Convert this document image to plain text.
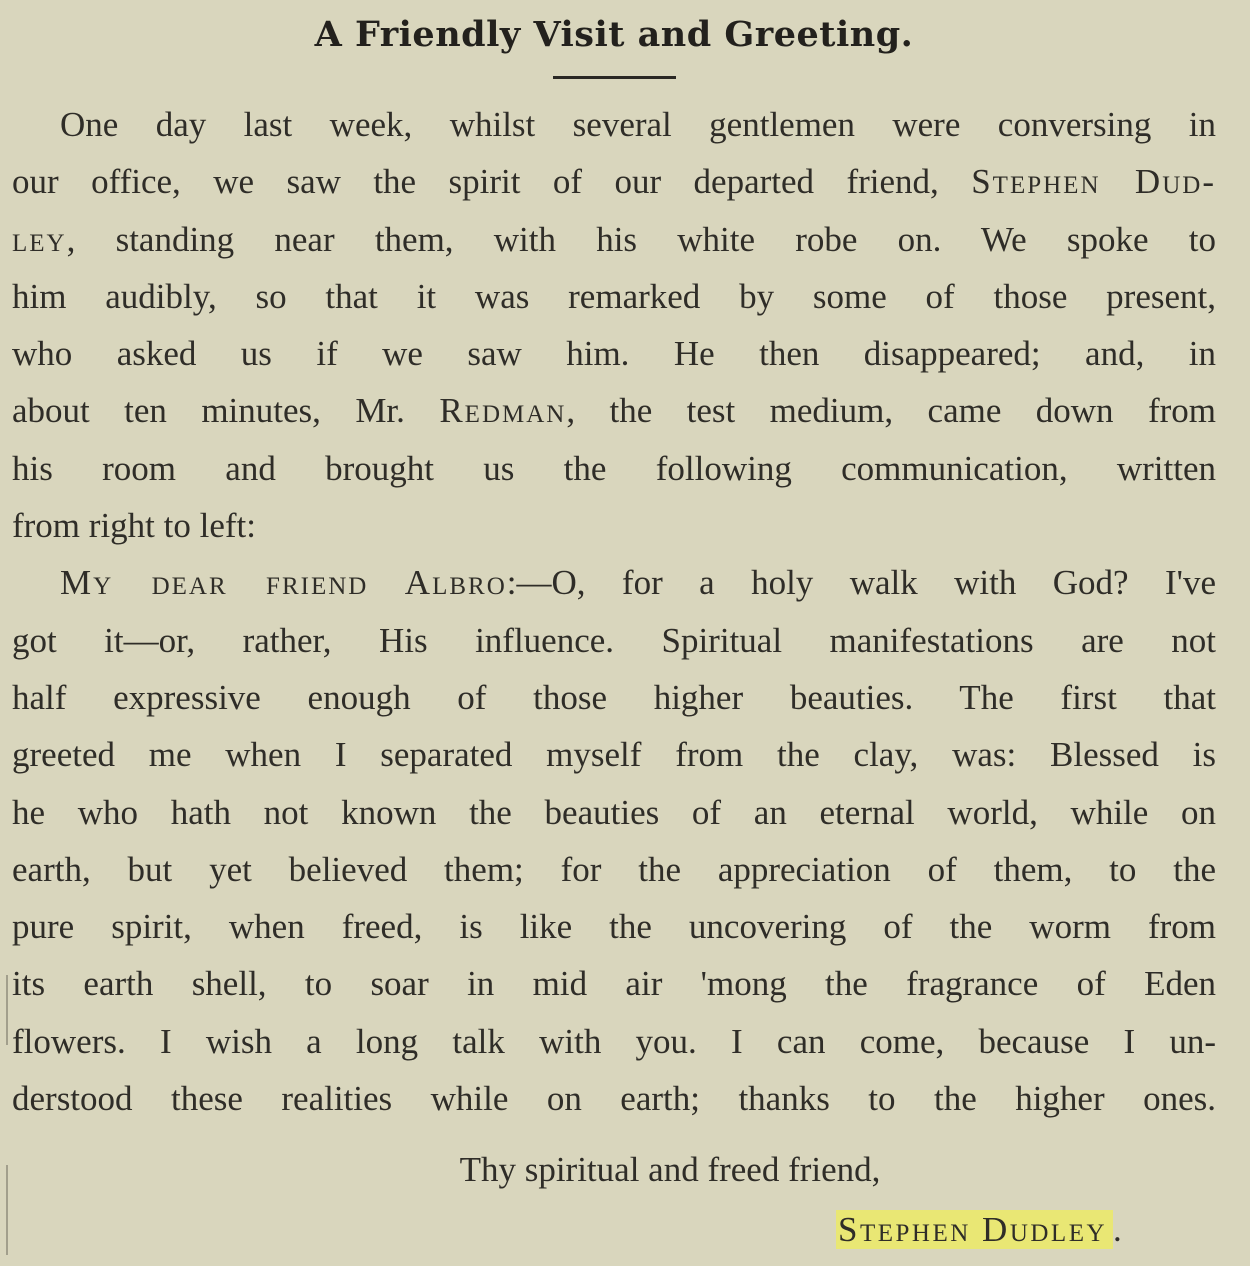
A Friendly Visit and Greeting.
One day last week, whilst several gentlemen were conversing in
our office, we saw the spirit of our departed friend, Stephen Dud-
ley, standing near them, with his white robe on. We spoke to
him audibly, so that it was remarked by some of those present,
who asked us if we saw him. He then disappeared; and, in
about ten minutes, Mr. Redman, the test medium, came down from
his room and brought us the following communication, written
from right to left:
My dear friend Albro:—O, for a holy walk with God? I've
got it—or, rather, His influence. Spiritual manifestations are not
half expressive enough of those higher beauties. The first that
greeted me when I separated myself from the clay, was: Blessed is
he who hath not known the beauties of an eternal world, while on
earth, but yet believed them; for the appreciation of them, to the
pure spirit, when freed, is like the uncovering of the worm from
its earth shell, to soar in mid air 'mong the fragrance of Eden
flowers. I wish a long talk with you. I can come, because I un-
derstood these realities while on earth; thanks to the higher ones.
Thy spiritual and freed friend,
Stephen Dudley .
